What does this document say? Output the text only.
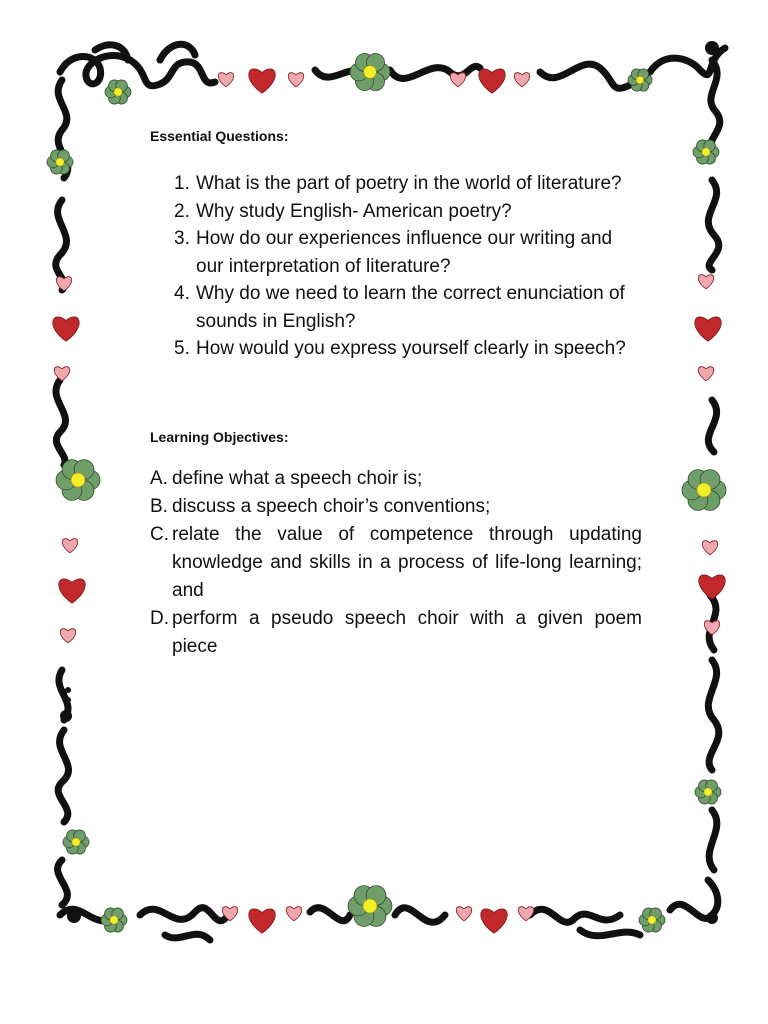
Essential Questions:

1. What is the part of poetry in the world of literature?
2. Why study English- American poetry?
3. How do our experiences influence our writing and our interpretation of literature?
4. Why do we need to learn the correct enunciation of sounds in English?
5. How would you express yourself clearly in speech?

Learning Objectives:

A. define what a speech choir is;
B. discuss a speech choir’s conventions;
C. relate the value of competence through updating knowledge and skills in a process of life-long learning; and
D. perform a pseudo speech choir with a given poem piece
